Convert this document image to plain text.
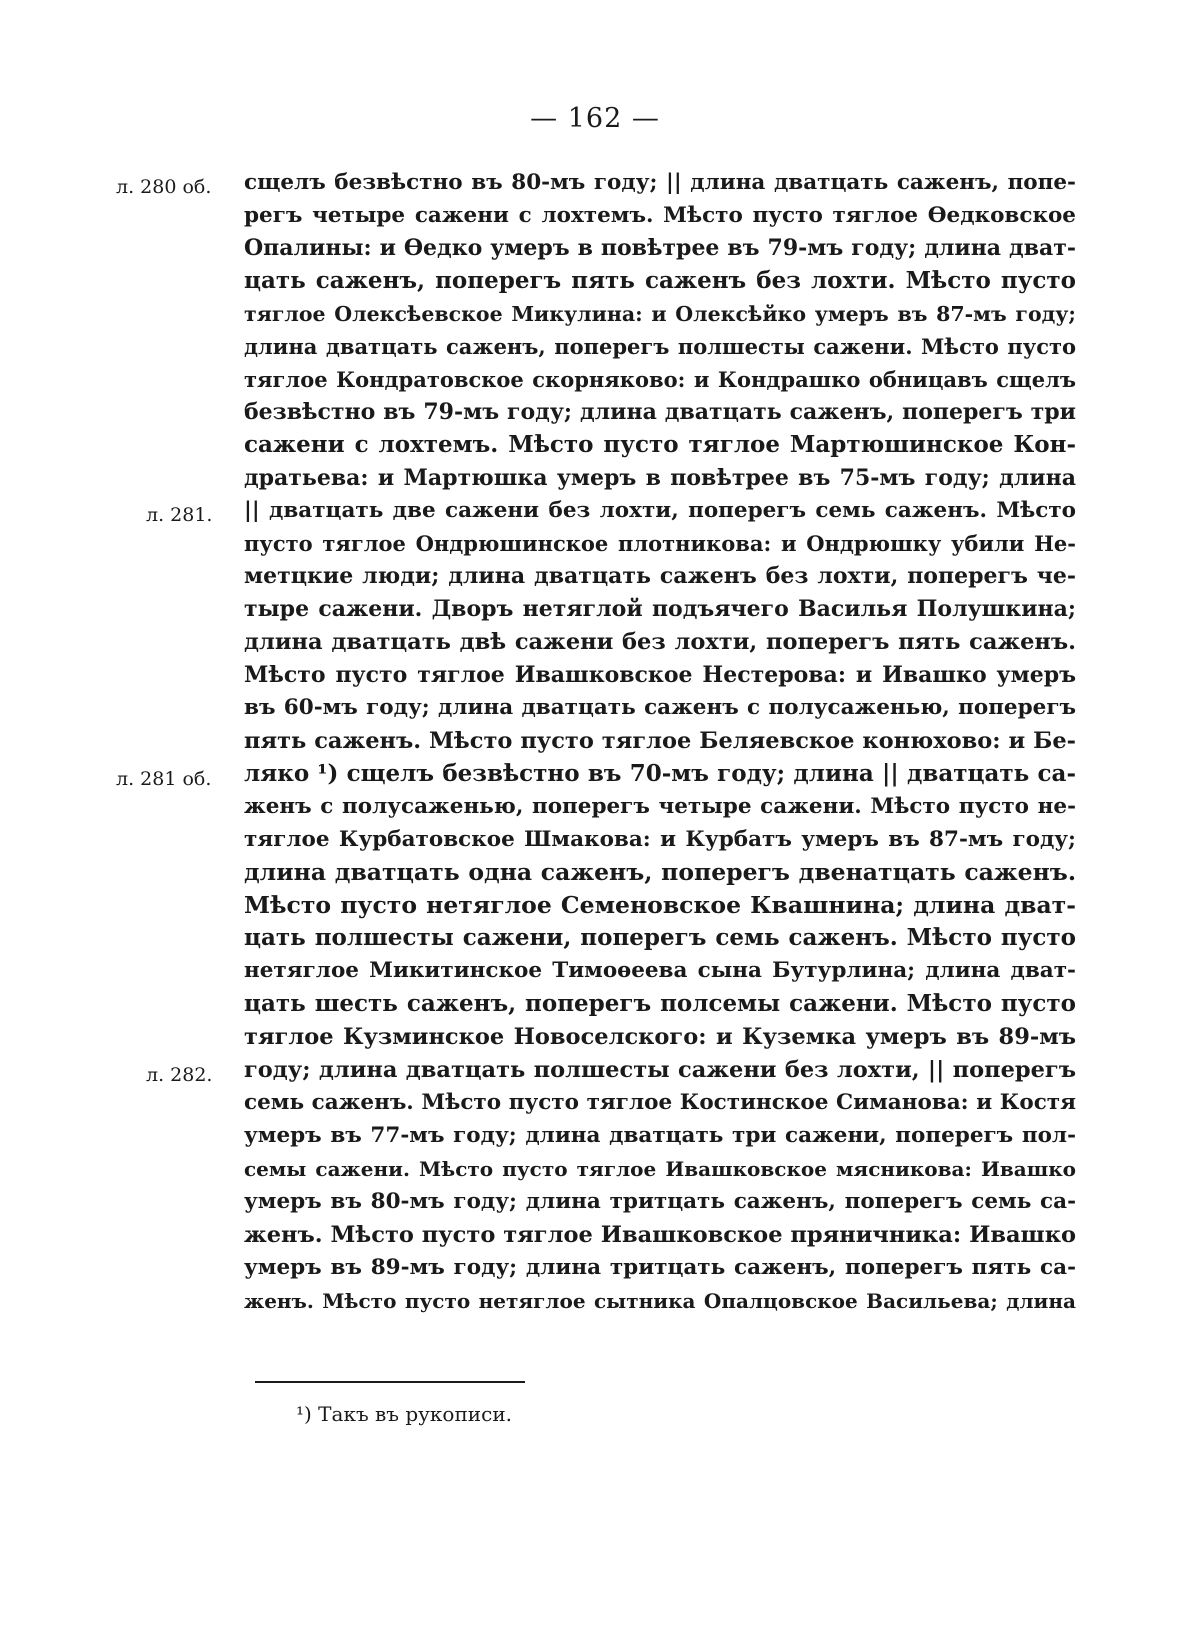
— 162 —
л. 280 об.
л. 281.
л. 281 об.
л. 282.
сщелъ безвѣстно въ 80-мъ году; || длина дватцать саженъ, попе-
регъ четыре сажени с лохтемъ. Мѣсто пусто тяглое Ѳедковское
Опалины: и Ѳедко умеръ в повѣтрее въ 79-мъ году; длина дват-
цать саженъ, поперегъ пять саженъ без лохти. Мѣсто пусто
тяглое Олексѣевское Микулина: и Олексѣйко умеръ въ 87-мъ году;
длина дватцать саженъ, поперегъ полшесты сажени. Мѣсто пусто
тяглое Кондратовское скорняково: и Кондрашко обницавъ сщелъ
безвѣстно въ 79-мъ году; длина дватцать саженъ, поперегъ три
сажени с лохтемъ. Мѣсто пусто тяглое Мартюшинское Кон-
дратьева: и Мартюшка умеръ в повѣтрее въ 75-мъ году; длина
|| дватцать две сажени без лохти, поперегъ семь саженъ. Мѣсто
пусто тяглое Ондрюшинское плотникова: и Ондрюшку убили Не-
метцкие люди; длина дватцать саженъ без лохти, поперегъ че-
тыре сажени. Дворъ нетяглой подъячего Василья Полушкина;
длина дватцать двѣ сажени без лохти, поперегъ пять саженъ.
Мѣсто пусто тяглое Ивашковское Нестерова: и Ивашко умеръ
въ 60-мъ году; длина дватцать саженъ с полусаженью, поперегъ
пять саженъ. Мѣсто пусто тяглое Беляевское конюхово: и Бе-
ляко ¹) сщелъ безвѣстно въ 70-мъ году; длина || дватцать са-
женъ с полусаженью, поперегъ четыре сажени. Мѣсто пусто не-
тяглое Курбатовское Шмакова: и Курбатъ умеръ въ 87-мъ году;
длина дватцать одна саженъ, поперегъ двенатцать саженъ.
Мѣсто пусто нетяглое Семеновское Квашнина; длина дват-
цать полшесты сажени, поперегъ семь саженъ. Мѣсто пусто
нетяглое Микитинское Тимоѳеева сына Бутурлина; длина дват-
цать шесть саженъ, поперегъ полсемы сажени. Мѣсто пусто
тяглое Кузминское Новоселского: и Куземка умеръ въ 89-мъ
году; длина дватцать полшесты сажени без лохти, || поперегъ
семь саженъ. Мѣсто пусто тяглое Костинское Симанова: и Костя
умеръ въ 77-мъ году; длина дватцать три сажени, поперегъ пол-
семы сажени. Мѣсто пусто тяглое Ивашковское мясникова: Ивашко
умеръ въ 80-мъ году; длина тритцать саженъ, поперегъ семь са-
женъ. Мѣсто пусто тяглое Ивашковское пряничника: Ивашко
умеръ въ 89-мъ году; длина тритцать саженъ, поперегъ пять са-
женъ. Мѣсто пусто нетяглое сытника Опалцовское Васильева; длина
¹) Такъ въ рукописи.
